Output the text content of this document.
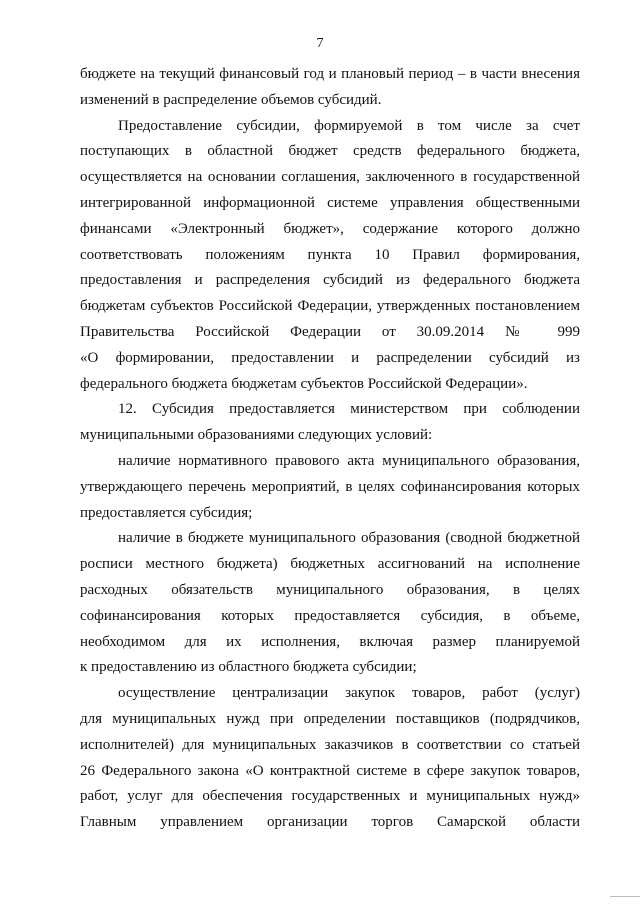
7

бюджете на текущий финансовый год и плановый период – в части внесения
изменений в распределение объемов субсидий.

Предоставление субсидии, формируемой в том числе за счет
поступающих в областной бюджет средств федерального бюджета,
осуществляется на основании соглашения, заключенного в государственной
интегрированной информационной системе управления общественными
финансами «Электронный бюджет», содержание которого должно
соответствовать положениям пункта 10 Правил формирования,
предоставления и распределения субсидий из федерального бюджета
бюджетам субъектов Российской Федерации, утвержденных постановлением
Правительства Российской Федерации от 30.09.2014 № 999
«О формировании, предоставлении и распределении субсидий из
федерального бюджета бюджетам субъектов Российской Федерации».

12. Субсидия предоставляется министерством при соблюдении
муниципальными образованиями следующих условий:

наличие нормативного правового акта муниципального образования,
утверждающего перечень мероприятий, в целях софинансирования которых
предоставляется субсидия;

наличие в бюджете муниципального образования (сводной бюджетной
росписи местного бюджета) бюджетных ассигнований на исполнение
расходных обязательств муниципального образования, в целях
софинансирования которых предоставляется субсидия, в объеме,
необходимом для их исполнения, включая размер планируемой
к предоставлению из областного бюджета субсидии;

осуществление централизации закупок товаров, работ (услуг)
для муниципальных нужд при определении поставщиков (подрядчиков,
исполнителей) для муниципальных заказчиков в соответствии со статьей
26 Федерального закона «О контрактной системе в сфере закупок товаров,
работ, услуг для обеспечения государственных и муниципальных нужд»
Главным управлением организации торгов Самарской области
